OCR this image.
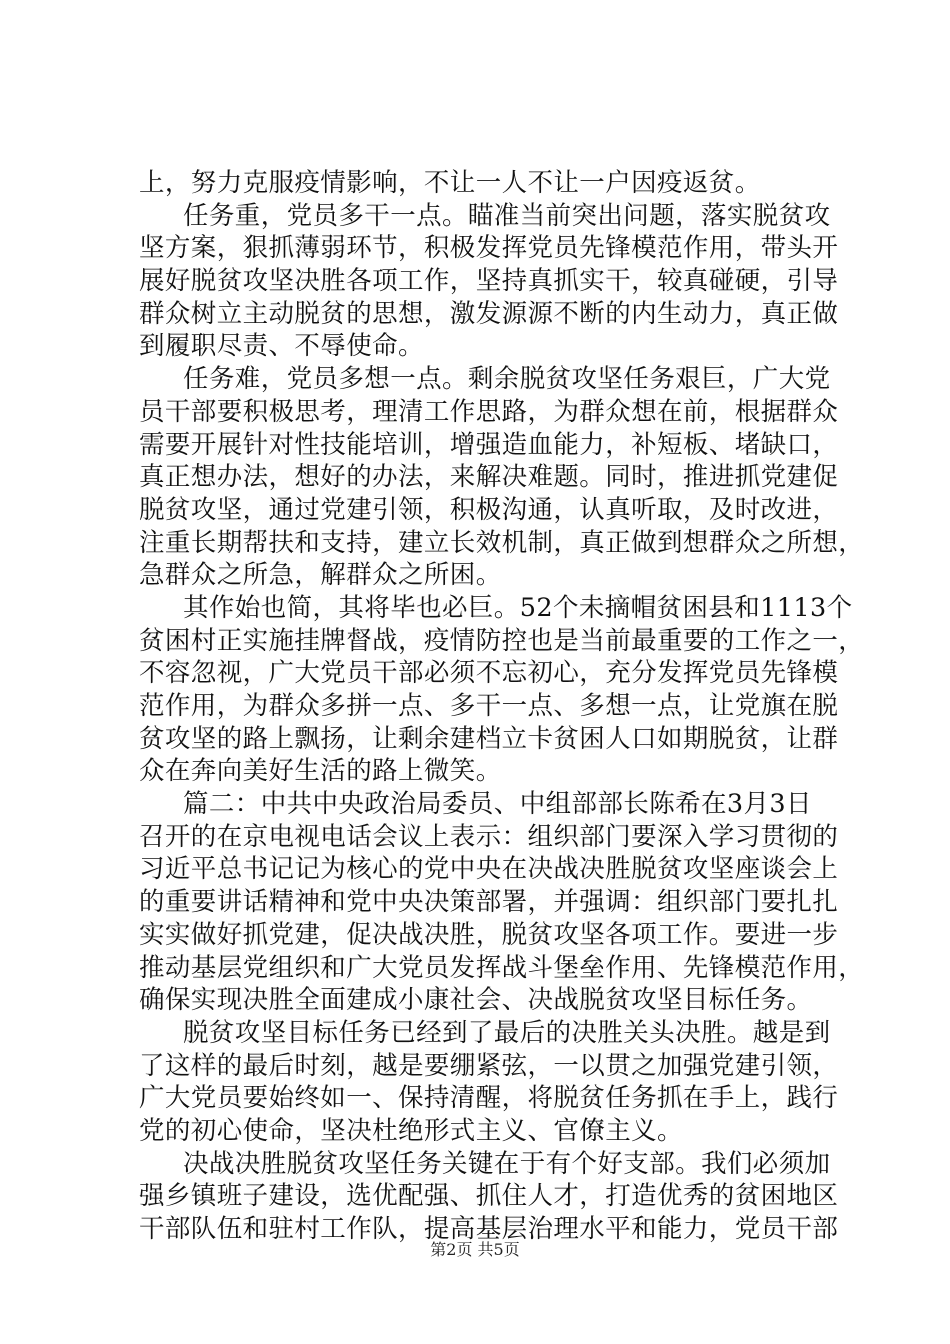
上，努力克服疫情影响，不让一人不让一户因疫返贫。
任务重，党员多干一点。瞄准当前突出问题，落实脱贫攻
坚方案，狠抓薄弱环节，积极发挥党员先锋模范作用，带头开
展好脱贫攻坚决胜各项工作，坚持真抓实干，较真碰硬，引导
群众树立主动脱贫的思想，激发源源不断的内生动力，真正做
到履职尽责、不辱使命。
任务难，党员多想一点。剩余脱贫攻坚任务艰巨，广大党
员干部要积极思考，理清工作思路，为群众想在前，根据群众
需要开展针对性技能培训，增强造血能力，补短板、堵缺口，
真正想办法，想好的办法，来解决难题。同时，推进抓党建促
脱贫攻坚，通过党建引领，积极沟通，认真听取，及时改进，
注重长期帮扶和支持，建立长效机制，真正做到想群众之所想，
急群众之所急，解群众之所困。
其作始也简，其将毕也必巨。52个未摘帽贫困县和1113个
贫困村正实施挂牌督战，疫情防控也是当前最重要的工作之一，
不容忽视，广大党员干部必须不忘初心，充分发挥党员先锋模
范作用，为群众多拼一点、多干一点、多想一点，让党旗在脱
贫攻坚的路上飘扬，让剩余建档立卡贫困人口如期脱贫，让群
众在奔向美好生活的路上微笑。
篇二：中共中央政治局委员、中组部部长陈希在3月3日
召开的在京电视电话会议上表示：组织部门要深入学习贯彻的
习近平总书记记为核心的党中央在决战决胜脱贫攻坚座谈会上
的重要讲话精神和党中央决策部署，并强调：组织部门要扎扎
实实做好抓党建，促决战决胜，脱贫攻坚各项工作。要进一步
推动基层党组织和广大党员发挥战斗堡垒作用、先锋模范作用，
确保实现决胜全面建成小康社会、决战脱贫攻坚目标任务。
脱贫攻坚目标任务已经到了最后的决胜关头决胜。越是到
了这样的最后时刻，越是要绷紧弦，一以贯之加强党建引领，
广大党员要始终如一、保持清醒，将脱贫任务抓在手上，践行
党的初心使命，坚决杜绝形式主义、官僚主义。
决战决胜脱贫攻坚任务关键在于有个好支部。我们必须加
强乡镇班子建设，选优配强、抓住人才，打造优秀的贫困地区
干部队伍和驻村工作队，提高基层治理水平和能力，党员干部
第2页 共5页
